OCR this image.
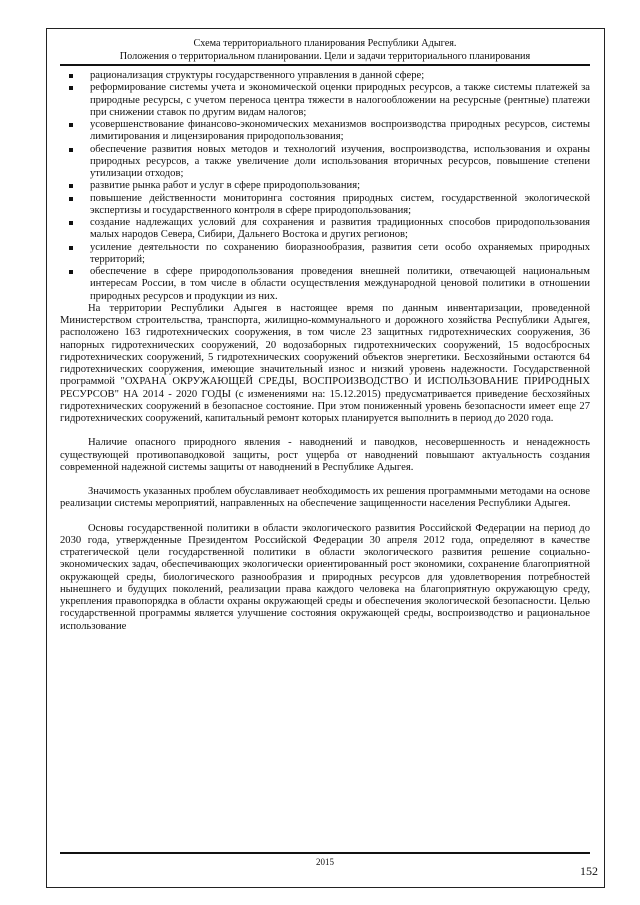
Схема территориального планирования Республики Адыгея.
Положения о территориальном планировании. Цели и задачи территориального планирования
рационализация структуры государственного управления в данной сфере;
реформирование системы учета и экономической оценки природных ресурсов, а также системы платежей за природные ресурсы, с учетом переноса центра тяжести в налогообложении на ресурсные (рентные) платежи при снижении ставок по другим видам налогов;
усовершенствование финансово-экономических механизмов воспроизводства природных ресурсов, системы лимитирования и лицензирования природопользования;
обеспечение развития новых методов и технологий изучения, воспроизводства, использования и охраны природных ресурсов, а также увеличение доли использования вторичных ресурсов, повышение степени утилизации отходов;
развитие рынка работ и услуг в сфере природопользования;
повышение действенности мониторинга состояния природных систем, государственной экологической экспертизы и государственного контроля в сфере природопользования;
создание надлежащих условий для сохранения и развития традиционных способов природопользования малых народов Севера, Сибири, Дальнего Востока и других регионов;
усиление деятельности по сохранению биоразнообразия, развития сети особо охраняемых природных территорий;
обеспечение в сфере природопользования проведения внешней политики, отвечающей национальным интересам России, в том числе в области осуществления международной ценовой политики в отношении природных ресурсов и продукции из них.

На территории Республики Адыгея в настоящее время по данным инвентаризации, проведенной Министерством строительства, транспорта, жилищно-коммунального и дорожного хозяйства Республики Адыгея, расположено 163 гидротехнических сооружения, в том числе 23 защитных гидротехнических сооружения, 36 напорных гидротехнических сооружений, 20 водозаборных гидротехнических сооружений, 15 водосбросных гидротехнических сооружений, 5 гидротехнических сооружений объектов энергетики. Бесхозяйными остаются 64 гидротехнических сооружения, имеющие значительный износ и низкий уровень надежности. Государственной программой "ОХРАНА ОКРУЖАЮЩЕЙ СРЕДЫ, ВОСПРОИЗВОДСТВО И ИСПОЛЬЗОВАНИЕ ПРИРОДНЫХ РЕСУРСОВ" НА 2014 - 2020 ГОДЫ (с изменениями на: 15.12.2015) предусматривается приведение бесхозяйных гидротехнических сооружений в безопасное состояние. При этом пониженный уровень безопасности имеет еще 27 гидротехнических сооружений, капитальный ремонт которых планируется выполнить в период до 2020 года.

Наличие опасного природного явления - наводнений и паводков, несовершенность и ненадежность существующей противопаводковой защиты, рост ущерба от наводнений повышают актуальность создания современной надежной системы защиты от наводнений в Республике Адыгея.

Значимость указанных проблем обуславливает необходимость их решения программными методами на основе реализации системы мероприятий, направленных на обеспечение защищенности населения Республики Адыгея.

Основы государственной политики в области экологического развития Российской Федерации на период до 2030 года, утвержденные Президентом Российской Федерации 30 апреля 2012 года, определяют в качестве стратегической цели государственной политики в области экологического развития решение социально-экономических задач, обеспечивающих экологически ориентированный рост экономики, сохранение благоприятной окружающей среды, биологического разнообразия и природных ресурсов для удовлетворения потребностей нынешнего и будущих поколений, реализации права каждого человека на благоприятную окружающую среду, укрепления правопорядка в области охраны окружающей среды и обеспечения экологической безопасности. Целью государственной программы является улучшение состояния окружающей среды, воспроизводство и рациональное использование

2015
152
